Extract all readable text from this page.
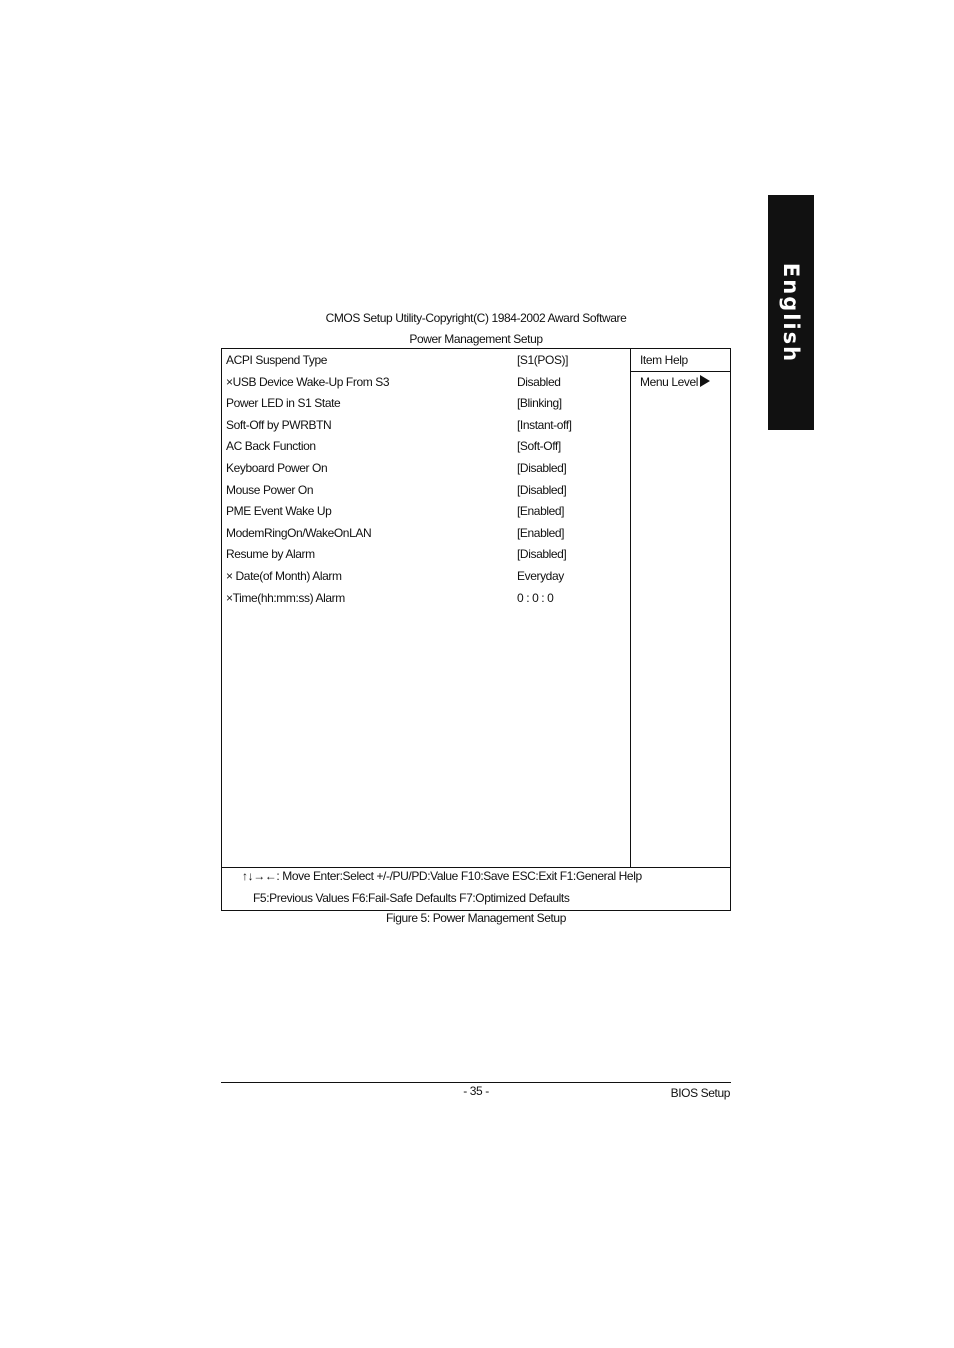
English
CMOS Setup Utility-Copyright(C) 1984-2002 Award Software
Power Management Setup
ACPI Suspend Type	[S1(POS)]
×USB Device Wake-Up From S3	Disabled
Power LED in S1 State	[Blinking]
Soft-Off by PWRBTN	[Instant-off]
AC Back Function	[Soft-Off]
Keyboard Power On	[Disabled]
Mouse Power On	[Disabled]
PME Event Wake Up	[Enabled]
ModemRingOn/WakeOnLAN	[Enabled]
Resume by Alarm	[Disabled]
× Date(of Month) Alarm	Everyday
×Time(hh:mm:ss) Alarm	0 : 0 : 0
Item Help
Menu Level
↑↓→←: Move Enter:Select +/-/PU/PD:Value F10:Save ESC:Exit F1:General Help
F5:Previous Values F6:Fail-Safe Defaults F7:Optimized Defaults
Figure 5: Power Management Setup
- 35 -	BIOS Setup
